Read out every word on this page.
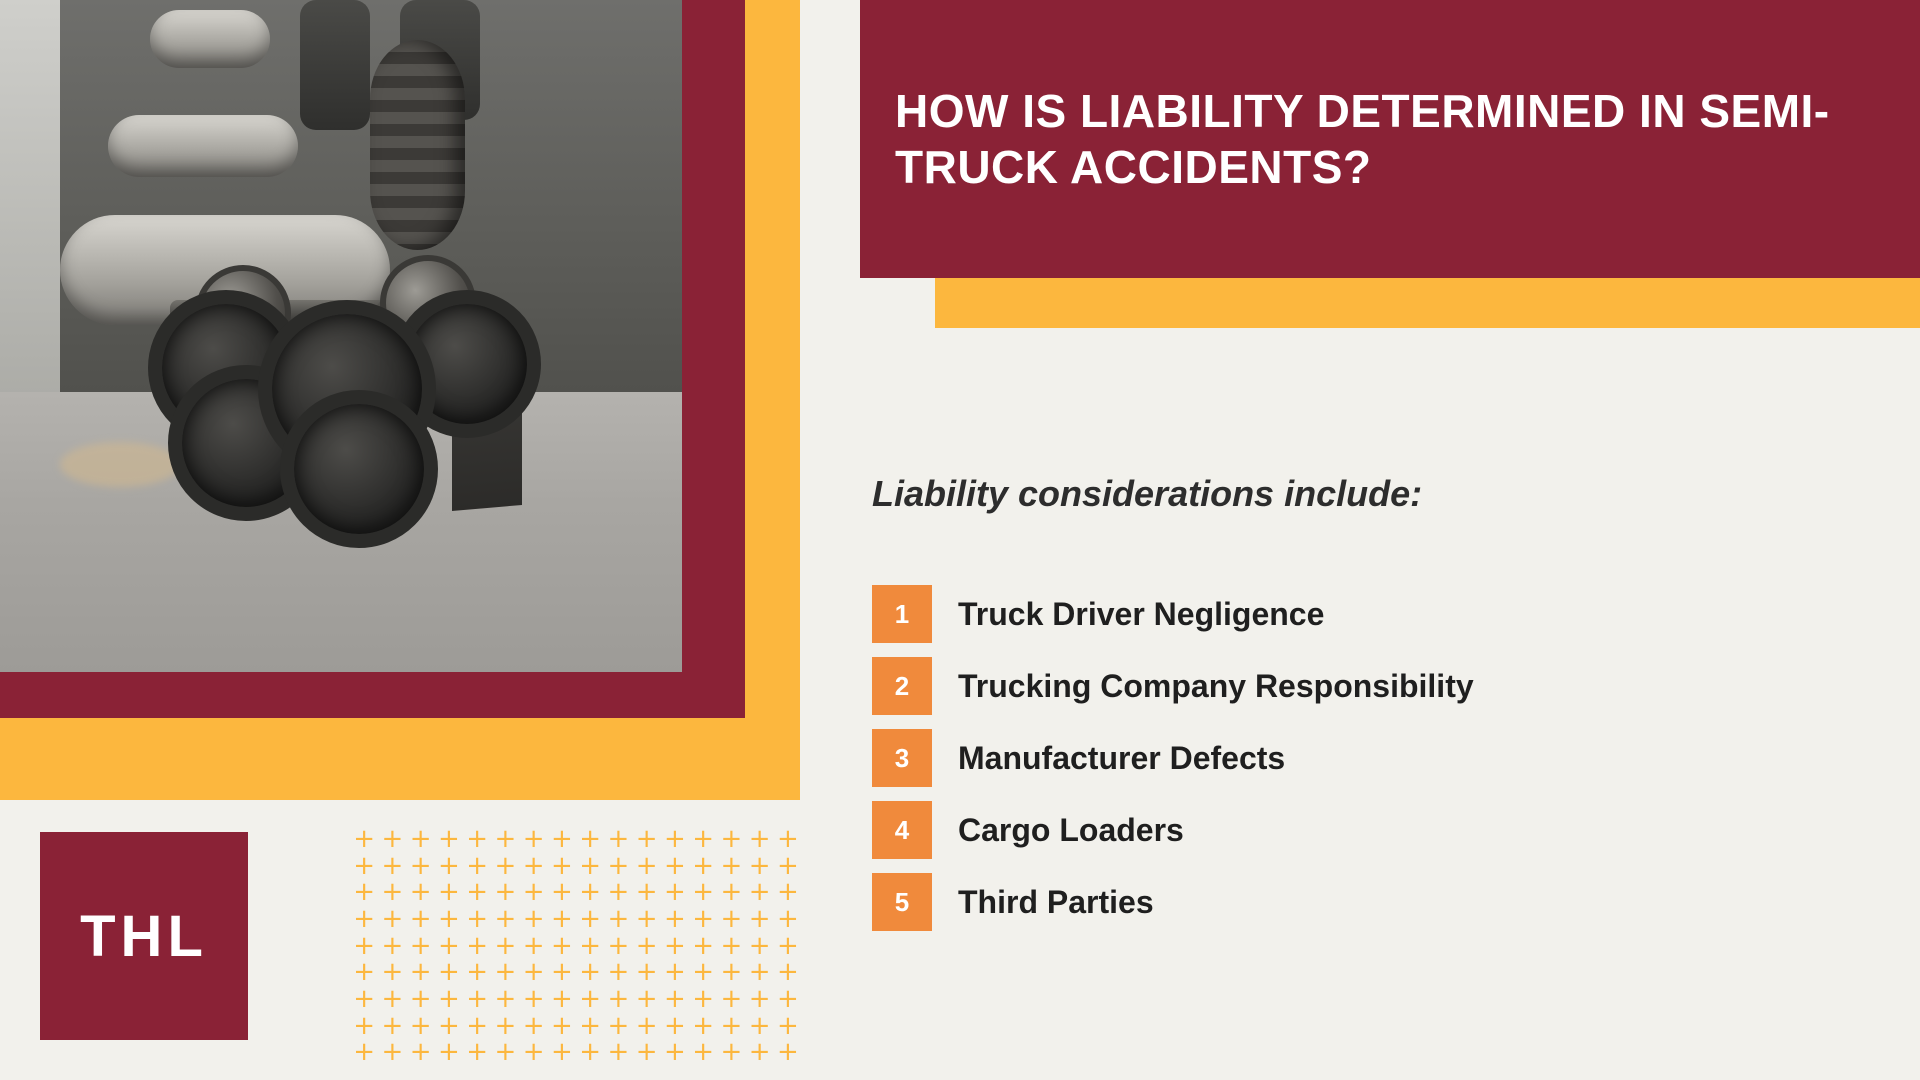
HOW IS LIABILITY DETERMINED IN SEMI-TRUCK ACCIDENTS?
Liability considerations include:
1	Truck Driver Negligence
2	Trucking Company Responsibility
3	Manufacturer Defects
4	Cargo Loaders
5	Third Parties
THL
+ + + + + + + + + + + + + + + +
+ + + + + + + + + + + + + + + +
+ + + + + + + + + + + + + + + +
+ + + + + + + + + + + + + + + +
+ + + + + + + + + + + + + + + +
+ + + + + + + + + + + + + + + +
+ + + + + + + + + + + + + + + +
+ + + + + + + + + + + + + + + +
+ + + + + + + + + + + + + + + +
